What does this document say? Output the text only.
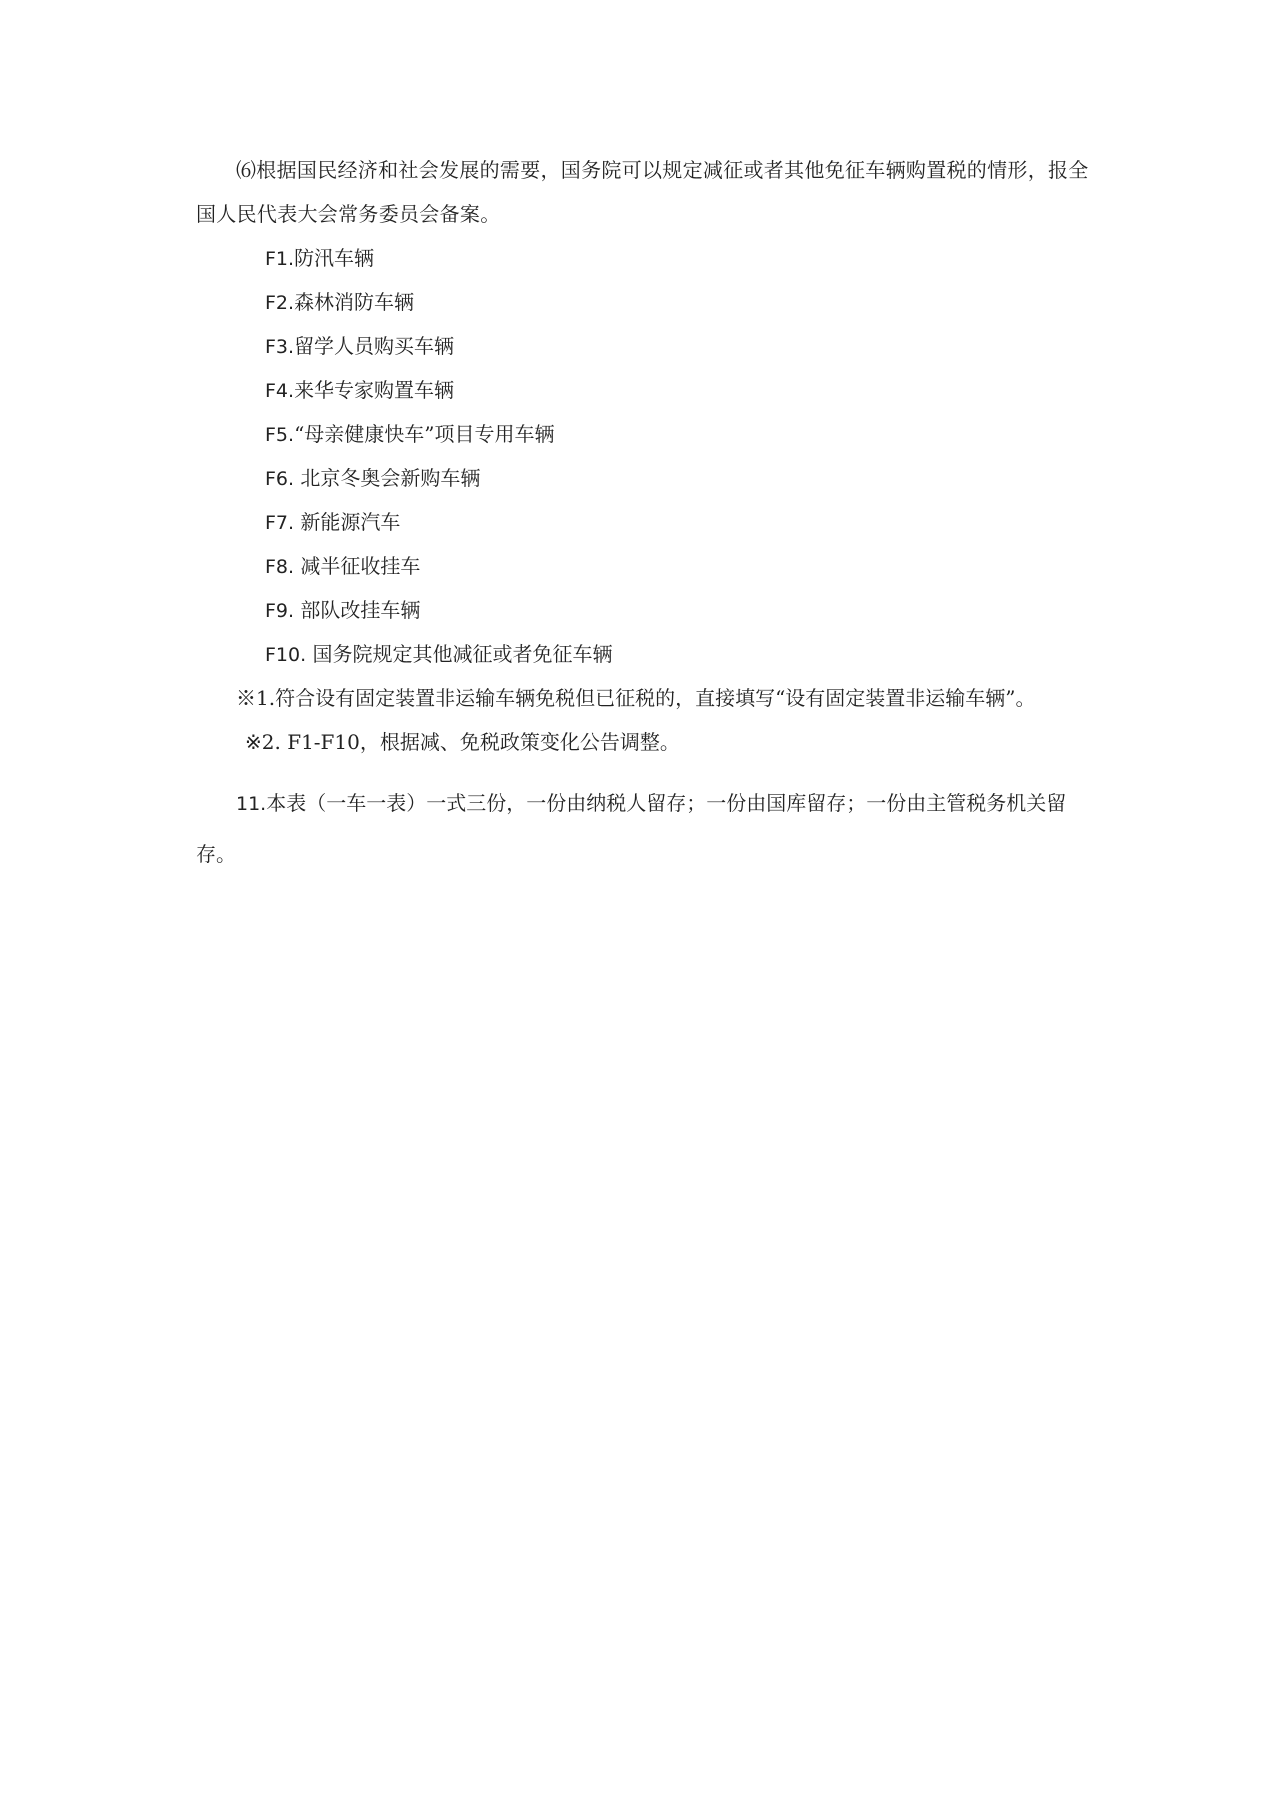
⑹根据国民经济和社会发展的需要，国务院可以规定减征或者其他免征车辆购置税的情形，报全国人民代表大会常务委员会备案。

F1.防汛车辆
F2.森林消防车辆
F3.留学人员购买车辆
F4.来华专家购置车辆
F5.“母亲健康快车”项目专用车辆
F6. 北京冬奥会新购车辆
F7. 新能源汽车
F8. 减半征收挂车
F9. 部队改挂车辆
F10. 国务院规定其他减征或者免征车辆

※1.符合设有固定装置非运输车辆免税但已征税的，直接填写“设有固定装置非运输车辆”。

※2. F1-F10，根据减、免税政策变化公告调整。

11.本表（一车一表）一式三份，一份由纳税人留存；一份由国库留存；一份由主管税务机关留存。
